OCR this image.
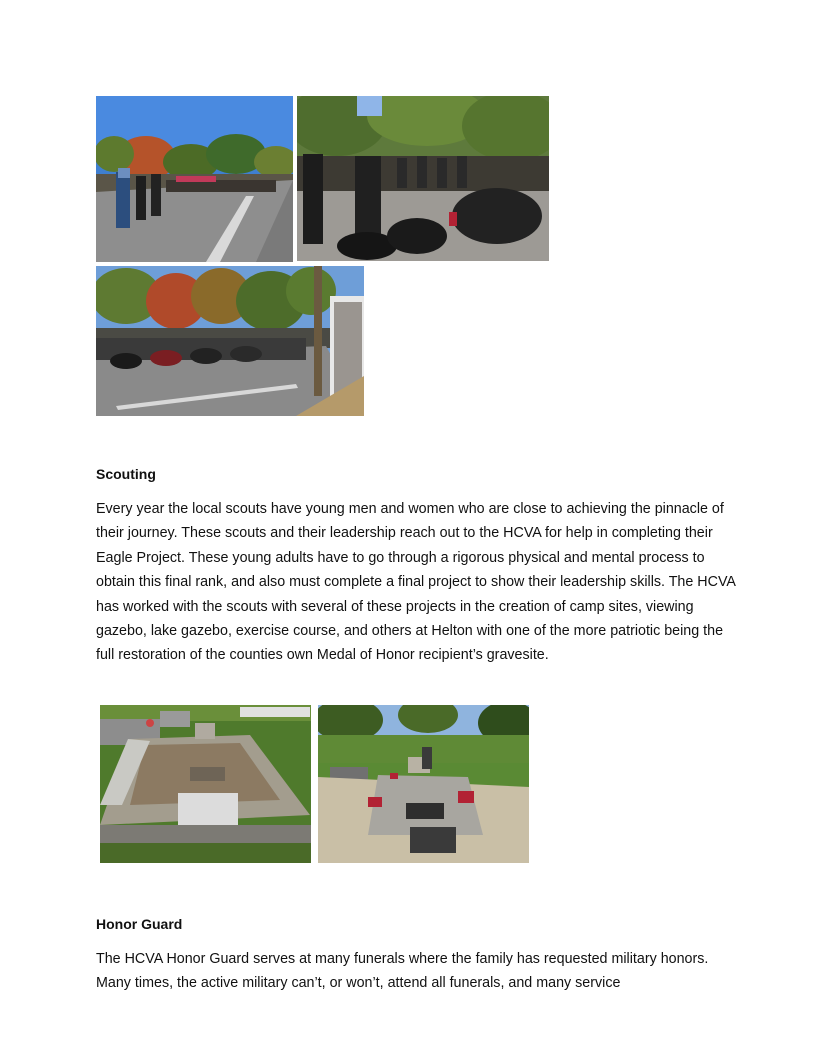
Scouting

Every year the local scouts have young men and women who are close to achieving the pinnacle of their journey. These scouts and their leadership reach out to the HCVA for help in completing their Eagle Project. These young adults have to go through a rigorous physical and mental process to obtain this final rank, and also must complete a final project to show their leadership skills. The HCVA has worked with the scouts with several of these projects in the creation of camp sites, viewing gazebo, lake gazebo, exercise course, and others at Helton with one of the more patriotic being the full restoration of the counties own Medal of Honor recipient’s gravesite.

Honor Guard

The HCVA Honor Guard serves at many funerals where the family has requested military honors. Many times, the active military can’t, or won’t, attend all funerals, and many service
